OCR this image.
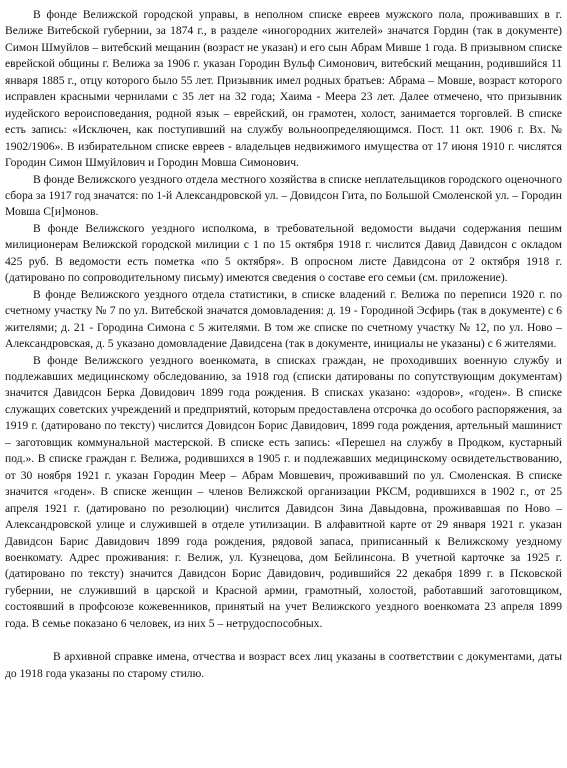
В фонде Велижской городской управы, в неполном списке евреев мужского пола, проживавших в г. Велиже Витебской губернии, за 1874 г., в разделе «иногородних жителей» значатся Гордин (так в документе) Симон Шмуйлов – витебский мещанин (возраст не указан) и его сын Абрам Мивше 1 года. В призывном списке еврейской общины г. Велижа за 1906 г. указан Городин Вульф Симонович, витебский мещанин, родившийся 11 января 1885 г., отцу которого было 55 лет. Призывник имел родных братьев: Абрама – Мовше, возраст которого исправлен красными чернилами с 35 лет на 32 года; Хаима - Меера 23 лет. Далее отмечено, что призывник иудейского вероисповедания, родной язык – еврейский, он грамотен, холост, занимается торговлей. В списке есть запись: «Исключен, как поступивший на службу вольноопределяющимся. Пост. 11 окт. 1906 г. Вх. № 1902/1906». В избирательном списке евреев - владельцев недвижимого имущества от 17 июня 1910 г. числятся Городин Симон Шмуйлович и Городин Мовша Симонович.

В фонде Велижского уездного отдела местного хозяйства в списке неплательщиков городского оценочного сбора за 1917 год значатся: по 1-й Александровской ул. – Довидсон Гита, по Большой Смоленской ул. – Городин Мовша С[и]монов.

В фонде Велижского уездного исполкома, в требовательной ведомости выдачи содержания пешим милиционерам Велижской городской милиции с 1 по 15 октября 1918 г. числится Давид Давидсон с окладом 425 руб. В ведомости есть пометка «по 5 октября». В опросном листе Давидсона от 2 октября 1918 г. (датировано по сопроводительному письму) имеются сведения о составе его семьи (см. приложение).

В фонде Велижского уездного отдела статистики, в списке владений г. Велижа по переписи 1920 г. по счетному участку № 7 по ул. Витебской значатся домовладения: д. 19 - Городиной Эсфирь (так в документе) с 6 жителями; д. 21 - Городина Симона с 5 жителями. В том же списке по счетному участку № 12, по ул. Ново – Александровская, д. 5 указано домовладение Давидсена (так в документе, инициалы не указаны) с 6 жителями.

В фонде Велижского уездного военкомата, в списках граждан, не проходивших военную службу и подлежавших медицинскому обследованию, за 1918 год (списки датированы по сопутствующим документам) значится Давидсон Берка Довидович 1899 года рождения. В списках указано: «здоров», «годен». В списке служащих советских учреждений и предприятий, которым предоставлена отсрочка до особого распоряжения, за 1919 г. (датировано по тексту) числится Довидсон Борис Давидович, 1899 года рождения, артельный машинист – заготовщик коммунальной мастерской. В списке есть запись: «Перешел на службу в Продком, кустарный под.». В списке граждан г. Велижа, родившихся в 1905 г. и подлежавших медицинскому освидетельствованию, от 30 ноября 1921 г. указан Городин Меер – Абрам Мовшевич, проживавший по ул. Смоленская. В списке значится «годен». В списке женщин – членов Велижской организации РКСМ, родившихся в 1902 г., от 25 апреля 1921 г. (датировано по резолюции) числится Давидсон Зина Давыдовна, проживавшая по Ново – Александровской улице и служившей в отделе утилизации. В алфавитной карте от 29 января 1921 г. указан Давидсон Барис Давидович 1899 года рождения, рядовой запаса, приписанный к Велижскому уездному военкомату. Адрес проживания: г. Велиж, ул. Кузнецова, дом Бейлинсона. В учетной карточке за 1925 г. (датировано по тексту) значится Давидсон Борис Давидович, родившийся 22 декабря 1899 г. в Псковской губернии, не служивший в царской и Красной армии, грамотный, холостой, работавший заготовщиком, состоявший в профсоюзе кожевенников, принятый на учет Велижского уездного военкомата 23 апреля 1899 года. В семье показано 6 человек, из них 5 – нетрудоспособных.

В архивной справке имена, отчества и возраст всех лиц указаны в соответствии с документами, даты до 1918 года указаны по старому стилю.
